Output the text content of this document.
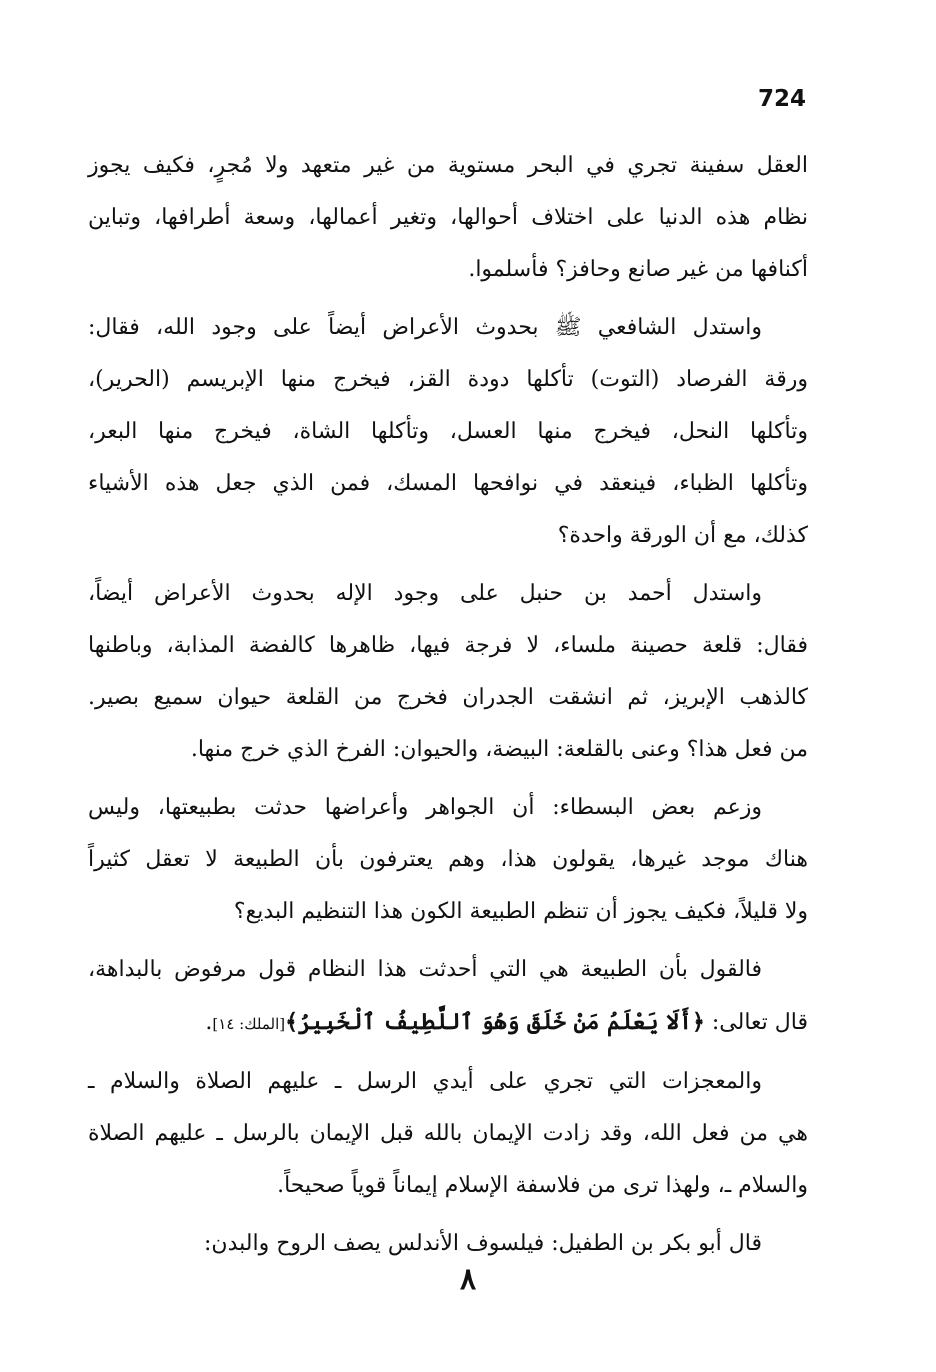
724
العقل سفينة تجري في البحر مستوية من غير متعهد ولا مُجرٍ، فكيف يجوز
نظام هذه الدنيا على اختلاف أحوالها، وتغير أعمالها، وسعة أطرافها، وتباين
أكنافها من غير صانع وحافز؟ فأسلموا.
واستدل الشافعي ﷺ بحدوث الأعراض أيضاً على وجود الله، فقال:
ورقة الفرصاد (التوت) تأكلها دودة القز، فيخرج منها الإبريسم (الحرير)،
وتأكلها النحل، فيخرج منها العسل، وتأكلها الشاة، فيخرج منها البعر،
وتأكلها الظباء، فينعقد في نوافحها المسك، فمن الذي جعل هذه الأشياء
كذلك، مع أن الورقة واحدة؟
واستدل أحمد بن حنبل على وجود الإله بحدوث الأعراض أيضاً،
فقال: قلعة حصينة ملساء، لا فرجة فيها، ظاهرها كالفضة المذابة، وباطنها
كالذهب الإبريز، ثم انشقت الجدران فخرج من القلعة حيوان سميع بصير.
من فعل هذا؟ وعنى بالقلعة: البيضة، والحيوان: الفرخ الذي خرج منها.
وزعم بعض البسطاء: أن الجواهر وأعراضها حدثت بطبيعتها، وليس
هناك موجد غيرها، يقولون هذا، وهم يعترفون بأن الطبيعة لا تعقل كثيراً
ولا قليلاً، فكيف يجوز أن تنظم الطبيعة الكون هذا التنظيم البديع؟
فالقول بأن الطبيعة هي التي أحدثت هذا النظام قول مرفوض بالبداهة،
قال تعالى: ﴿أَلَا يَعْلَمُ مَنْ خَلَقَ وَهُوَ ٱللَّطِيفُ ٱلْخَبِيرُ﴾[الملك: ١٤].
والمعجزات التي تجري على أيدي الرسل ـ عليهم الصلاة والسلام ـ
هي من فعل الله، وقد زادت الإيمان بالله قبل الإيمان بالرسل ـ عليهم الصلاة
والسلام ـ، ولهذا ترى من فلاسفة الإسلام إيماناً قوياً صحيحاً.
قال أبو بكر بن الطفيل: فيلسوف الأندلس يصف الروح والبدن:
٨
